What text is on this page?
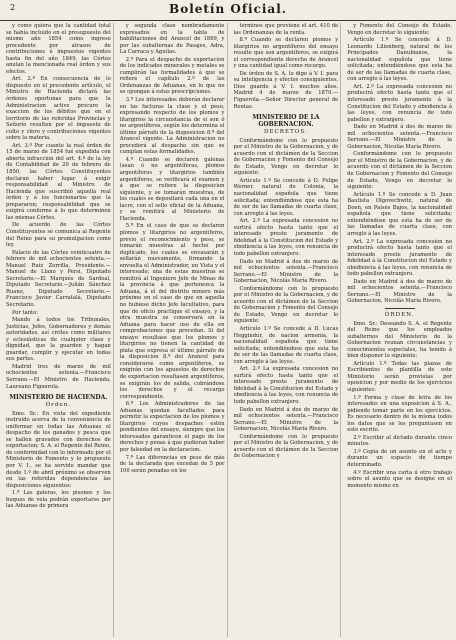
2	Boletín Oficial.

y como quiera que la cantidad total se había incluido en el presupuesto del mismo año 1854 como ingreso procedente por atrasos de contribuciones é impuestos vigentes hasta fin del año 1849, las Córtes anulan la mencionada real órden y sus efectos.

Art. 2.º En consecuencia de lo dispuesto en el precedente artículo, el Ministro de Hacienda dictará las órdenes oportunas para que la Administracion active procure la exaccion de los débitos que en el territorio de las referidas Provincias y Señorío resulten por el impuesto de culto y clero y contribuciones vigentes sobre la materia.

Art. 3.º Por cuanto la real órden de 15 de marzo de 1854 fué expedida con abierta infraccion del art. 4.º de la ley de Contabilidad de 20 de febrero de 1850, las Córtes Constituyentes declaran haber lugar á exigir responsabilidad al Ministro de Hacienda que suscribió aquella real órden y á los funcionarios que la prepararon; responsabilidad que se exigirá conforme á lo que determinen las mismas Córtes.

De acuerdo de las Córtes Constituyentes se comunica al Regente del Reino para su promulgacion como ley.

Palacio de las Córtes veinticuatro de febrero de mil ochocientos setenta.—Manuel Ruiz Zorrilla, Presidente.—Manuel de Llano y Persi, Diputado Secretario.—El Marqués de Sardoal, Diputado Secretario.—Julián Sánchez Ruano, Diputado Secretario.—Francisco Javier Carratalá, Diputado Secretario.

Por tanto:

Mando á todos los Tribunales, Justicias, Jefes, Gobernadores y demás autoridades, así civiles como militares y eclesiásticas de cualquier clase y dignidad, que la guarden y hagan guardar, cumplir y ejecutar en todas sus partes.

Madrid tres de marzo de mil ochocientos setenta.—Francisco Serrano.—El Ministro de Hacienda, Laureano Figuerola.

MINISTERIO DE HACIENDA.

Órden.

Ilmo. Sr.: En vista del expediente instruido acerca de la conveniencia de uniformar en todas las Aduanas el despacho de los ganados y pesca que se hallen gravados con derechos de exportacion; S. A. el Regente del Reino, de conformidad con lo informado por el Ministerio de Fomento y lo propuesto por V. I., se ha servido mandar que desde 1.º de abril próximo se observen en las referidas dependencias las disposiciones siguientes:

1.ª Las galeras, los pisones y los buques de vela podrán exportarse por las Aduanas de primera

y segunda clase nombradamente expresados en la tabla de habilitaciones del Arancel de 1869, y por las subalternas de Pasajes, Adra, La Carraca y Aguilas.

2.ª Para el despacho de exportacion de los indicados minerales y metales se cumplirán las formalidades á que se refiere el capítulo 2.º de las Ordenanzas de Aduanas, en lo que no se opongan á estas prescripciones.

3.ª Los interesados deberán declarar en las facturas la clase y el peso, expresando respecto de los plomos y litargirios la circunstancia de si son ó no argentíferos, según los determina el último párrafo de la disposicion 8.ª del Arancel vigente. La Administracion no procederá al despacho sin que se cumplan estas formalidades.

4.ª Cuando se declaren galenas (sean ó no argentíferas, plomos argentíferos y litargirios también argentíferos, se verificará el examen y á que se refiere la disposicion siguiente, y se tomarán muestras, de los cuales se depositará cada una en el lacre, con el sello oficial de la Aduana, y se remitirá al Ministerio de Hacienda.

5.ª En el caso de que se declaren plomos y litargirios no argentíferos, previo el reconocimiento y peso, se tomarán muestras al hecho por duplicado, los cuales se envasarán y sellarán nuevamente, firmando la envuelta el Administrador, un Vista y el interesado; una de estas muestras se remitirá al Ingeniero Jefe de Minas de la provincia á que pertenezca la Aduana, á el del distrito minero más próximo en el caso de que en aquella no hubiese dicho Jefe facultativo, para que de oficio practique el ensayo, y la otra muestra se conservará en la Aduana para hacer uso de ella en comprobaciones que procedan. Si del ensayo resultase que los plomos y litargirios no tienen la cantidad de plata que expresa el último párrafo de la disposicion 8.ª del Arancel para considerarse como argentíferos, se exigirán con los apuestos de derechos de exportacion resultasen argentíferos, se exigirán los de salida, cobrándose los derechos y el recargo correspondiente.

6.ª Los Administradores de las Aduanas quedan facultados para permitir la expectacion de los plomos y litargirios cuyos despachos estén pendientes del ensayo, siempre que los interesados garanticen el pago de los derechos y penas á que pudieran haber por falsedad en la declaracion.

7.ª Las diferencias en peso de más de la declarada que excedan de 5 por 100 serán penadas en los

términos que previene el art. 410 de las Ordenanzas de la renta.

8.ª Cuando se declaren plomos y litargirios no argentíferos del ensayo resulte que son argentíferos, se exigirá el correspondiente derecho de Arancel y una cantidad igual como recargo.

De órden de S. A. lo digo á V. I. para su inteligencia y efectos consiguientes. Dios guarde á V. I. muchos años. Madrid 4 de marzo de 1870.—Figuerola.—Señor Director general de Rentas.

MINISTERIO DE LA GOBERNACION.

DECRETOS.

Conformándome con lo propuesto por el Ministro de la Gobernacion, y de acuerdo con el dictámen de la Seccion de Gobernacion y Fomento del Consejo de Estado, Vengo en decretar lo siguiente:

Artículo 1.º Se concede á D. Felipe Werner, natural de Colonia, la nacionalidad española que tiene solicitada; entendiéndose que esta ha de ser de las llamadas de cuarta clase, con arreglo á las leyes.

Art. 2.º La expresada concesion no surtirá efecto hasta tanto que el interesado preste juramento de fidelidad á la Constitucion del Estado y obediencia á las leyes, con renuncia de todo pabellon extranjero.

Dado en Madrid á dos de marzo de mil ochocientos setenta.—Francisco Serrano.—El Ministro de la Gobernacion, Nicolás María Rivero.

Conformándome con lo propuesto por el Ministro de la Gobernacion, y de acuerdo con el dictámen de la Seccion de Gobernacion y Fomento del Consejo de Estado, Vengo en decretar lo siguiente:

Artículo 1.º Se concede á D. Lucas Heggindur, de nacion armenia, la nacionalidad española que tiene solicitada; entendiéndose que esta ha de ser de las llamadas de cuarta clase, con arreglo á las leyes.

Art. 2.º La expresada concesion no surtirá efecto hasta tanto que el interesado preste juramento de fidelidad á la Constitucion del Estado y obediencia á las leyes, con renuncia de todo pabellon extranjero.

Dado en Madrid á dos de marzo de mil ochocientos setenta.—Francisco Serrano.—El Ministro de la Gobernacion, Nicolás María Rivero.

Conformándome con lo propuesto por el Ministro de la Gobernacion, y de acuerdo con el dictámen de la Seccion de Gobernacion y

y Fomento del Consejo de Estado, Vengo en decretar lo siguiente:

Artículo 1.º Se concede á D. Leonardo Lilienberg, natural de los Principados Danubianos, la nacionalidad española que tiene solicitada; entendiéndose que esta ha de ser de las llamadas de cuarta clase, con arreglo á las leyes.

Art. 2.º La expresada concesion no producirá efecto hasta tanto que el interesado preste juramento á la Constitucion del Estado y obediencia á las leyes, con renuncia de todo pabellon y extranjero.

Dado en Madrid á dos de marzo de mil ochocientos setenta.—Francisco Serrano.—El Ministro de la Gobernacion, Nicolás María Rivero.

Conformándome con lo propuesto por el Ministro de la Gobernacion, y de acuerdo con el dictámen de la Seccion de Gobernacion y Fomento del Consejo de Estado, Vengo en decretar lo siguiente:

Artículo 1.º Se concede á D. Juan Bautista Olgovechwitz, natural de Doen, en Países Bajos, la nacionalidad española que tiene solicitada; entendiéndose que esta ha de ser de las llamadas de cuarta clase, con arreglo á las leyes.

Art. 2.º La expresada concesion no producirá efecto hasta tanto que el interesado preste juramento de fidelidad á la Constitucion del Estado y obediencia á las leyes, con renuncia de todo pabellon extranjero.

Dado en Madrid á dos de marzo de mil ochocientos setenta.—Francisco Serrano.—El Ministro de la Gobernacion, Nicolás María Rivero.

ÓRDEN.

Ilmo. Sr.: Deseando S. A. el Regente del Reino que los empleados subalternos del Ministerio de la Gobernacion reunan circunstancias y conocimientos especiales, ha tenido á bien disponer lo siguiente:

Artículo 1.º Todas las plazas de Escribientes de plantilla de este Ministerio serán provistas por oposicion y por medio de los ejercicios siguientes:

1.º Forma y clase de letra de los interesados en una exposicion á S. A., pidiendo tomar parte en los ejercicios. Es necesario dentro de la misma todos los datos que se les preguntasen en este escrito.

2.º Escribir al dictado durante cinco minutos.

3.º Copia de un asunto en el acto y durante un espacio de tiempo determinado.

4.º Escribir una carta ú otro trabajo sobre el asunto que se designe en el momento mismo en
